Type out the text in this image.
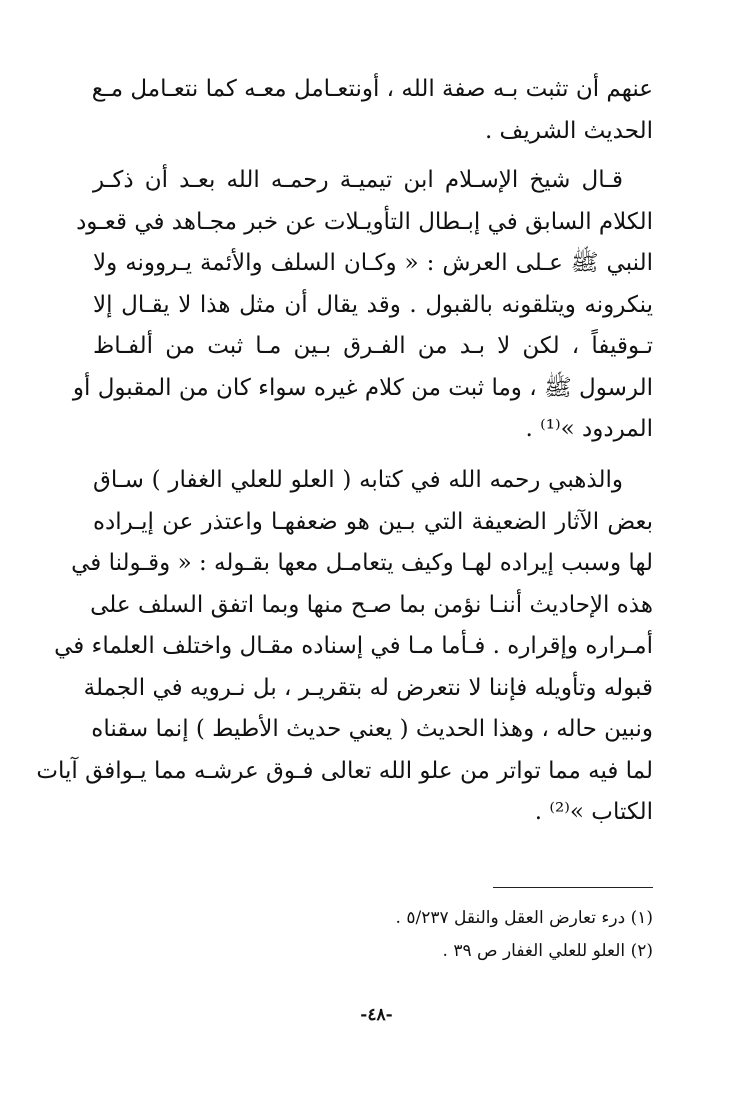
عنهم أن تثبت بـه صفة الله ، أونتعـامل معـه كما نتعـامل مـع
الحديث الشريف .
قـال شيخ الإسـلام ابن تيميـة رحمـه الله بعـد أن ذكـر
الكلام السابق في إبـطال التأويـلات عن خبر مجـاهد في قعـود
النبي ﷺ عـلى العرش : « وكـان السلف والأئمة يـروونه ولا
ينكرونه ويتلقونه بالقبول . وقد يقال أن مثل هذا لا يقـال إلا
تـوقيفاً ، لكن لا بـد من الفـرق بـين مـا ثبت من ألفـاظ
الرسول ﷺ ، وما ثبت من كلام غيره سواء كان من المقبول أو
المردود »⁽¹⁾ .
والذهبي رحمه الله في كتابه ( العلو للعلي الغفار ) سـاق
بعض الآثار الضعيفة التي بـين هو ضعفهـا واعتذر عن إيـراده
لها وسبب إيراده لهـا وكيف يتعامـل معها بقـوله : « وقـولنا في
هذه الإحاديث أننـا نؤمن بما صـح منها وبما اتفق السلف على
أمـراره وإقراره . فـأما مـا في إسناده مقـال واختلف العلماء في
قبوله وتأويله فإننا لا نتعرض له بتقريـر ، بل نـرويه في الجملة
ونبين حاله ، وهذا الحديث ( يعني حديث الأطيط ) إنما سقناه
لما فيه مما تواتر من علو الله تعالى فـوق عرشـه مما يـوافق آيات
الكتاب »⁽²⁾ .
(١) درء تعارض العقل والنقل ٥/٢٣٧ .
(٢) العلو للعلي الغفار ص ٣٩ .
-٤٨-
